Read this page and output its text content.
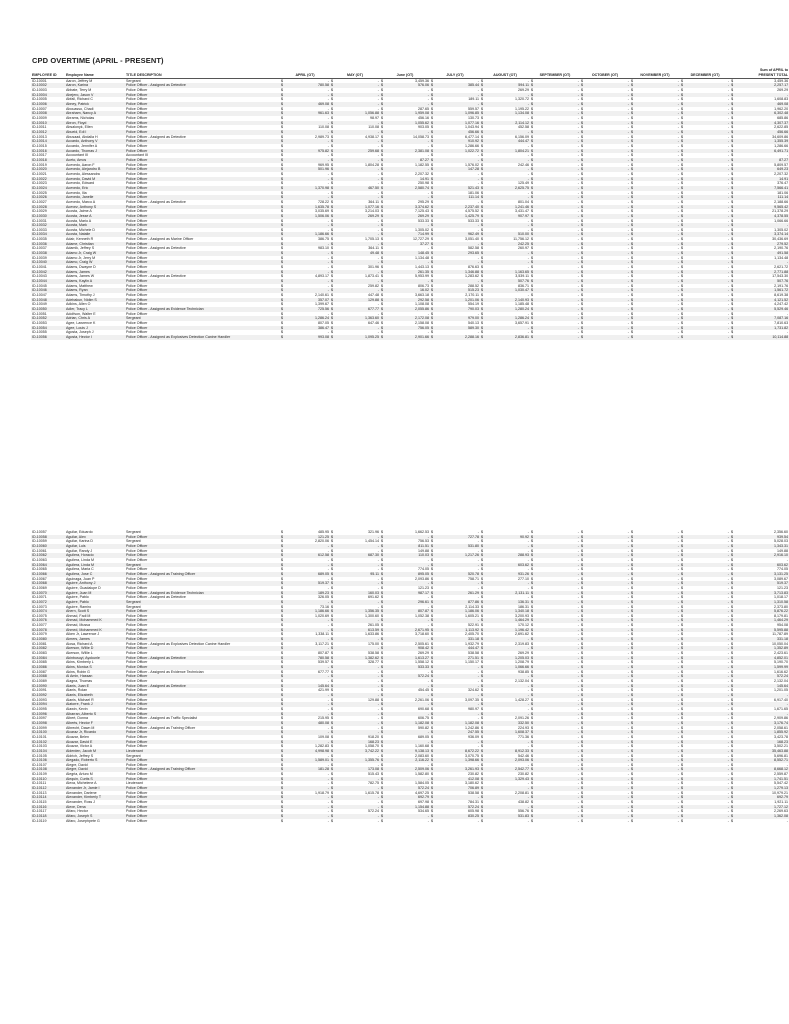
CPD OVERTIME (APRIL - PRESENT)
												Sum of APRIL to
EMPLOYEE ID	Employee Name	TITLE DESCRIPTION	APRIL (OT)	MAY (OT)	June (OT)	JULY (OT)	AUGUST (OT)	SEPTEMBER (OT)	OCTOBER (OT)	NOVEMBER (OT)	DECEMBER (OT)	PRESENT TOTAL
ID-10001	Aaron, Jeffrey M	Sergeant	$ -	$ -	$ 3,459.36	$ -	$ -	$ -	$ -	$ -	$ -	$ 3,459.36
ID-10002	Aaron, Karina	Police Officer - Assigned as Detective	$ 780.58	$ -	$ 576.06	$ 385.44	$ 594.11	$ -	$ -	$ -	$ -	$ 2,257.17
ID-10003	Abbate, Terry M	Police Officer	$ -	$ -	$ -	$ -	$ 269.29	$ -	$ -	$ -	$ -	$ 269.29
ID-10004	Abejero, Jason V	Police Officer	$ -	$ -	$ -	$ -	$ -	$ -	$ -	$ -	$ -	$ -
ID-10005	Abfall, Richard C	Police Officer	$ -	$ -	$ -	$ 189.11	$ 1,320.72	$ -	$ -	$ -	$ -	$ 1,608.83
ID-10006	Abney, Patrick	Police Officer	$ 469.08	$ -	$ -	$ -	$ -	$ -	$ -	$ -	$ -	$ 469.08
ID-10007	Abouasso, Chadi	Police Officer	$ -	$ -	$ 287.65	$ 559.57	$ 1,195.22	$ -	$ -	$ -	$ -	$ 1,962.20
ID-10008	Abraham, Nancy A	Police Officer	$ 961.63	$ 1,056.88	$ 1,959.08	$ 1,096.85	$ 1,134.08	$ -	$ -	$ -	$ -	$ 6,302.48
ID-10009	Abrams, Nicholas	Police Officer	$ -	$ 98.97	$ 456.16	$ 130.73	$ -	$ -	$ -	$ -	$ -	$ 685.86
ID-10010	Abron, Floyd	Police Officer	$ -	$ -	$ 1,055.62	$ 1,077.16	$ 2,114.12	$ -	$ -	$ -	$ -	$ 4,307.37
ID-10011	Absalonyk, Ellen	Police Officer	$ 110.08	$ 110.08	$ 903.05	$ 1,043.94	$ 452.58	$ -	$ -	$ -	$ -	$ 2,622.85
ID-10012	Abueid, Edi I	Police Officer	$ -	$ -	$ -	$ 456.66	$ -	$ -	$ -	$ -	$ -	$ 456.66
ID-10013	Abusaad, Abdalla H	Police Officer - Assigned as Detective	$ 2,989.73	$ 4,938.17	$ 14,058.73	$ 6,477.14	$ 6,156.09	$ -	$ -	$ -	$ -	$ 34,609.86
ID-10014	Accardo, Anthony V	Police Officer	$ -	$ -	$ -	$ 910.92	$ 444.47	$ -	$ -	$ -	$ -	$ 1,355.39
ID-10015	Accardo, Jennifer A	Police Officer	$ -	$ -	$ -	$ 1,286.66	$ -	$ -	$ -	$ -	$ -	$ 1,286.66
ID-10016	Accardo, Thomas J	Police Officer	$ 975.82	$ 259.68	$ 2,381.08	$ 1,022.72	$ 1,804.21	$ -	$ -	$ -	$ -	$ 6,491.71
ID-10017	Accountant III	Accountant III	$ -	$ -	$ -	$ -	$ -	$ -	$ -	$ -	$ -	$ -
ID-10018	Aceto, Amos	Police Officer	$ -	$ -	$ 87.27	$ -	$ -	$ -	$ -	$ -	$ -	$ 87.27
ID-10019	Acevedo, Aaron F	Police Officer	$ 969.95	$ 1,804.28	$ 1,182.55	$ 1,576.02	$ 242.46	$ -	$ -	$ -	$ -	$ 5,809.57
ID-10020	Acevedo, Alejandro B	Police Officer	$ 501.96	$ -	$ -	$ 147.28	$ -	$ -	$ -	$ -	$ -	$ 649.23
ID-10021	Acevedo, Alessandra	Police Officer	$ -	$ -	$ 2,207.32	$ -	$ -	$ -	$ -	$ -	$ -	$ 2,207.32
ID-10022	Acevedo, David M	Police Officer	$ -	$ -	$ 14.91	$ -	$ -	$ -	$ -	$ -	$ -	$ 14.91
ID-10023	Acevedo, Edward	Police Officer	$ -	$ -	$ 250.98	$ -	$ 125.49	$ -	$ -	$ -	$ -	$ 376.47
ID-10024	Acevedo, Eric	Police Officer	$ 1,370.98	$ 467.50	$ 2,580.74	$ 521.43	$ 2,625.75	$ -	$ -	$ -	$ -	$ 7,566.41
ID-10025	Acevedo, Ilia	Police Officer	$ -	$ -	$ -	$ 181.06	$ -	$ -	$ -	$ -	$ -	$ 181.06
ID-10026	Acevedo, Janelle	Police Officer	$ -	$ -	$ -	$ 111.14	$ -	$ -	$ -	$ -	$ -	$ 111.14
ID-10027	Acevedo, Marco A	Police Officer - Assigned as Detective	$ 728.22	$ 364.11	$ 295.29	$ -	$ 801.04	$ -	$ -	$ -	$ -	$ 2,188.66
ID-10028	Acevez, Anthony S	Police Officer	$ 1,635.78	$ 1,077.16	$ 3,374.62	$ 2,237.40	$ 1,241.46	$ -	$ -	$ -	$ -	$ 9,565.42
ID-10029	Acosta, Jaime A	Police Officer	$ 3,035.69	$ 3,214.03	$ 7,125.43	$ 4,575.52	$ 3,431.47	$ -	$ -	$ -	$ -	$ 21,378.29
ID-10030	Acosta, Jesse A	Police Officer	$ 1,506.06	$ 269.29	$ 269.29	$ 1,425.79	$ 907.97	$ -	$ -	$ -	$ -	$ 4,378.55
ID-10031	Acosta, Mario A	Police Officer	$ -	$ -	$ 533.33	$ 533.33	$ -	$ -	$ -	$ -	$ -	$ 1,066.66
ID-10032	Acosta, Mark	Police Officer	$ -	$ -	$ -	$ -	$ -	$ -	$ -	$ -	$ -	$ -
ID-10033	Acosta, Michele D	Police Officer	$ -	$ -	$ 1,305.02	$ -	$ -	$ -	$ -	$ -	$ -	$ 1,305.02
ID-10034	Acosta, Natalie	Police Officer	$ 1,186.66	$ -	$ 714.99	$ 962.49	$ 510.00	$ -	$ -	$ -	$ -	$ 3,374.14
ID-10035	Adair, Kenneth R	Police Officer - Assigned as Marine Officer	$ 386.75	$ 1,705.13	$ 12,727.29	$ 3,051.40	$ 11,756.12	$ -	$ -	$ -	$ -	$ 30,436.69
ID-10036	Adame, Christian	Police Officer	$ -	$ -	$ 37.27	$ -	$ 242.25	$ -	$ -	$ -	$ -	$ 279.52
ID-10037	Adamik, Jeffrey S	Police Officer - Assigned as Detective	$ 983.10	$ 364.11	$ -	$ 582.58	$ 260.97	$ -	$ -	$ -	$ -	$ 2,190.76
ID-10038	Adamo Jr, Craig W	Police Officer	$ -	$ 49.48	$ 148.45	$ 293.65	$ -	$ -	$ -	$ -	$ -	$ 491.58
ID-10039	Adamo Jr, Jerry M	Police Officer	$ -	$ -	$ 1,134.48	$ -	$ -	$ -	$ -	$ -	$ -	$ 1,134.48
ID-10040	Adamo, Craig W	Police Officer	$ -	$ -	$ -	$ -	$ -	$ -	$ -	$ -	$ -	$ -
ID-10041	Adams, Dwayne D	Police Officer	$ -	$ 301.96	$ 1,443.13	$ 876.63	$ -	$ -	$ -	$ -	$ -	$ 2,621.72
ID-10042	Adams, James	Police Officer	$ -	$ -	$ 261.35	$ 1,346.88	$ 1,163.65	$ -	$ -	$ -	$ -	$ 2,771.88
ID-10043	Adams, James W	Police Officer - Assigned as Detective	$ 4,893.17	$ 1,873.41	$ 5,953.99	$ 1,283.62	$ 3,539.11	$ -	$ -	$ -	$ -	$ 17,543.30
ID-10044	Adams, Kaylin A	Police Officer	$ -	$ -	$ -	$ -	$ 507.76	$ -	$ -	$ -	$ -	$ 507.76
ID-10045	Adams, Matthew	Police Officer	$ -	$ 259.82	$ 806.73	$ 288.52	$ 836.71	$ -	$ -	$ -	$ -	$ 2,191.76
ID-10046	Adams, Ryan	Police Officer	$ -	$ -	$ 16.02	$ 515.23	$ 1,030.47	$ -	$ -	$ -	$ -	$ 1,561.72
ID-10047	Adams, Timothy J	Police Officer	$ 2,140.61	$ 447.48	$ 3,663.18	$ 2,170.11	$ -	$ -	$ -	$ -	$ -	$ 8,619.38
ID-10048	Adebakun, Nidim S	Police Officer	$ 357.07	$ 129.88	$ 292.58	$ 1,201.06	$ 2,140.93	$ -	$ -	$ -	$ -	$ 4,121.52
ID-10049	Adkins, Allen O	Police Officer	$ 1,399.67	$ -	$ 1,108.08	$ 554.19	$ 1,185.48	$ -	$ -	$ -	$ -	$ 4,247.42
ID-10050	Adler, Tracy L	Police Officer - Assigned as Evidence Technician	$ 725.56	$ 677.77	$ 2,055.86	$ 790.03	$ 1,280.24	$ -	$ -	$ -	$ -	$ 5,529.46
ID-10051	Adolfson, Walter E	Police Officer	$ -	$ -	$ -	$ -	$ -	$ -	$ -	$ -	$ -	$ -
ID-10052	Adrian, Chris A	Sergeant	$ 1,286.24	$ 1,363.60	$ 2,172.08	$ 979.00	$ 1,286.24	$ -	$ -	$ -	$ -	$ 7,087.16
ID-10053	Agee, Lawrence K	Police Officer	$ 807.05	$ 647.46	$ 2,158.08	$ 540.13	$ 3,657.91	$ -	$ -	$ -	$ -	$ 7,810.63
ID-10054	Agee, Louis J	Police Officer	$ 386.47	$ -	$ 756.05	$ 589.30	$ -	$ -	$ -	$ -	$ -	$ 1,731.82
ID-10055	Agosta, Joseph J	Police Officer	$ -	$ -	$ -	$ -	$ -	$ -	$ -	$ -	$ -	$ -
ID-10056	Agosta, Hector I	Police Officer - Assigned as Explosives Detection Canine Handler	$ 993.08	$ 1,095.25	$ 2,901.66	$ 2,288.16	$ 2,836.81	$ -	$ -	$ -	$ -	$ 10,114.88
ID-10057	Aguilar, Eduardo	Sergeant	$ 485.95	$ 321.96	$ 1,662.53	$ -	$ -	$ -	$ -	$ -	$ -	$ 2,356.60
ID-10058	Aguilar, Alex	Police Officer	$ 121.25	$ -	$ -	$ 727.78	$ 90.92	$ -	$ -	$ -	$ -	$ 939.54
ID-10059	Aguilar, Karina D	Sergeant	$ 2,820.06	$ 1,454.14	$ 756.53	$ -	$ -	$ -	$ -	$ -	$ -	$ 5,028.03
ID-10060	Aguilar, Luis	Police Officer	$ -	$ -	$ 811.51	$ 531.80	$ -	$ -	$ -	$ -	$ -	$ 1,343.31
ID-10061	Aguilar, Randy J	Police Officer	$ -	$ -	$ 149.88	$ -	$ -	$ -	$ -	$ -	$ -	$ 149.88
ID-10062	Aguilera, Horacio	Police Officer	$ 612.58	$ 687.30	$ 110.03	$ 1,217.26	$ 288.93	$ -	$ -	$ -	$ -	$ 2,916.10
ID-10063	Aguilera, Linda M	Police Officer	$ -	$ -	$ -	$ -	$ -	$ -	$ -	$ -	$ -	$ -
ID-10064	Aguilera, Linda M	Sergeant	$ -	$ -	$ -	$ -	$ 603.62	$ -	$ -	$ -	$ -	$ 603.62
ID-10065	Aguilera, Maria C	Police Officer	$ -	$ -	$ 774.05	$ -	$ -	$ -	$ -	$ -	$ -	$ 774.05
ID-10066	Aguilera, Jose C	Police Officer - Assigned as Training Officer	$ 689.05	$ 95.11	$ 895.05	$ 520.78	$ 931.26	$ -	$ -	$ -	$ -	$ 3,131.25
ID-10067	Aguinaga, Juan P	Police Officer	$ -	$ -	$ 2,093.86	$ 758.71	$ 277.10	$ -	$ -	$ -	$ -	$ 3,089.67
ID-10068	Aguirre, Anthony J	Police Officer	$ 519.37	$ -	$ -	$ -	$ -	$ -	$ -	$ -	$ -	$ 519.37
ID-10069	Aguirre, Guadalupe D	Police Officer	$ -	$ -	$ 121.23	$ -	$ -	$ -	$ -	$ -	$ -	$ 121.23
ID-10070	Aguirre, Juan M	Police Officer - Assigned as Evidence Technician	$ 189.23	$ 160.03	$ 987.17	$ 261.29	$ 2,131.11	$ -	$ -	$ -	$ -	$ 3,713.83
ID-10071	Aguirre, Pablo	Police Officer - Assigned as Detective	$ 326.05	$ 691.62	$ -	$ -	$ -	$ -	$ -	$ -	$ -	$ 1,018.17
ID-10072	Aguirre, Pablo	Sergeant	$ -	$ -	$ 296.61	$ 877.86	$ 136.31	$ -	$ -	$ -	$ -	$ 1,310.58
ID-10073	Aguirre, Ramiro	Sergeant	$ 73.16	$ -	$ -	$ 2,114.33	$ 186.31	$ -	$ -	$ -	$ -	$ 2,373.80
ID-10074	Ahern, Scott S	Police Officer	$ 1,186.66	$ 1,356.35	$ 807.87	$ 1,186.06	$ 1,340.18	$ -	$ -	$ -	$ -	$ 5,876.22
ID-10075	Ahmad, Fadi M	Police Officer	$ 1,020.69	$ 1,300.60	$ 1,052.38	$ 1,605.21	$ 3,200.93	$ -	$ -	$ -	$ -	$ 8,179.81
ID-10076	Ahmad, Mohammed K	Police Officer	$ -	$ -	$ -	$ -	$ 1,464.29	$ -	$ -	$ -	$ -	$ 1,464.29
ID-10077	Ahmad, Mussa	Police Officer	$ -	$ 261.05	$ -	$ 522.91	$ 170.12	$ -	$ -	$ -	$ -	$ 954.08
ID-10078	Ahmed, Mohammed K	Police Officer	$ -	$ 613.59	$ 2,671.95	$ 1,113.92	$ 1,196.42	$ -	$ -	$ -	$ -	$ 5,595.88
ID-10079	Aiken Jr, Lawrence J	Police Officer	$ 1,338.11	$ 1,633.86	$ 3,718.60	$ 2,405.70	$ 2,691.62	$ -	$ -	$ -	$ -	$ 11,787.89
ID-10080	Aimers, James	Police Officer	$ -	$ -	$ -	$ 331.18	$ -	$ -	$ -	$ -	$ -	$ 331.18
ID-10081	Aiosa, Richard A	Police Officer - Assigned as Explosives Detection Canine Handler	$ 3,117.21	$ 175.00	$ 2,505.61	$ 1,932.79	$ 2,319.83	$ -	$ -	$ -	$ -	$ 10,050.04
ID-10082	Akerson, Willie D	Police Officer	$ -	$ -	$ 908.42	$ 444.47	$ -	$ -	$ -	$ -	$ -	$ 1,352.89
ID-10083	Akerson, Willie L	Police Officer	$ 807.87	$ 538.58	$ 269.29	$ 538.58	$ 269.29	$ -	$ -	$ -	$ -	$ 2,423.61
ID-10084	Akinbusuyi, Ayokunle	Police Officer - Assigned as Detective	$ 780.58	$ 1,382.62	$ 1,613.27	$ 271.51	$ 1,205.03	$ -	$ -	$ -	$ -	$ 4,852.01
ID-10085	Akins, Kimberly L	Police Officer	$ 539.57	$ 328.77	$ 1,558.12	$ 1,150.17	$ 1,208.79	$ -	$ -	$ -	$ -	$ 5,190.70
ID-10086	Akins, Monica S	Police Officer	$ -	$ -	$ 533.33	$ -	$ 1,066.66	$ -	$ -	$ -	$ -	$ 1,599.99
ID-10087	Akins, Robin G	Police Officer - Assigned as Evidence Technician	$ 677.77	$ -	$ -	$ -	$ 938.85	$ -	$ -	$ -	$ -	$ 1,616.62
ID-10088	Al Amin, Hassan	Police Officer	$ -	$ -	$ 572.24	$ -	$ -	$ -	$ -	$ -	$ -	$ 572.24
ID-10089	Alagna, Thomas	Police Officer	$ -	$ -	$ -	$ -	$ 2,132.04	$ -	$ -	$ -	$ -	$ 2,132.04
ID-10090	Alanis, Juan E	Police Officer - Assigned as Detective	$ 145.64	$ -	$ -	$ -	$ -	$ -	$ -	$ -	$ -	$ 145.64
ID-10091	Alanis, Rolan	Police Officer	$ 421.99	$ -	$ 454.45	$ 324.62	$ -	$ -	$ -	$ -	$ -	$ 1,201.05
ID-10092	Alanis, Elizabeth	Police Officer	$ -	$ -	$ -	$ -	$ -	$ -	$ -	$ -	$ -	$ -
ID-10093	Alanis, Michael R	Police Officer	$ -	$ 129.88	$ 2,261.06	$ 3,097.35	$ 1,428.27	$ -	$ -	$ -	$ -	$ 6,917.40
ID-10094	Alatorre, Frank J	Police Officer	$ -	$ -	$ -	$ -	$ -	$ -	$ -	$ -	$ -	$ -
ID-10095	Alawin, Kevin	Police Officer	$ -	$ -	$ 690.68	$ 980.97	$ -	$ -	$ -	$ -	$ -	$ 1,671.65
ID-10096	Albarran, Alberto S	Police Officer	$ -	$ -	$ -	$ -	$ -	$ -	$ -	$ -	$ -	$ -
ID-10097	Albert, Donna	Police Officer - Assigned as Traffic Specialist	$ 215.95	$ -	$ 606.75	$ -	$ 2,091.26	$ -	$ -	$ -	$ -	$ 2,909.86
ID-10098	Alberts, Hector F	Police Officer	$ 480.08	$ -	$ 1,182.08	$ 1,182.08	$ 332.50	$ -	$ -	$ -	$ -	$ 3,176.74
ID-10099	Albrecht, Dawn M	Police Officer - Assigned as Training Officer	$ -	$ -	$ 590.82	$ 1,242.86	$ 224.93	$ -	$ -	$ -	$ -	$ 2,058.61
ID-10100	Alcaraz Jr, Ricardo	Police Officer	$ -	$ -	$ -	$ 247.55	$ 1,608.37	$ -	$ -	$ -	$ -	$ 1,855.92
ID-10101	Alcazar, Belen	Police Officer	$ 109.08	$ 918.20	$ 689.05	$ 936.09	$ 771.36	$ -	$ -	$ -	$ -	$ 3,423.78
ID-10102	Alcazar, David E	Police Officer	$ -	$ 168.23	$ -	$ -	$ -	$ -	$ -	$ -	$ -	$ 168.23
ID-10103	Alcazar, Victor A	Police Officer	$ 1,282.83	$ 1,058.70	$ 1,160.68	$ -	$ -	$ -	$ -	$ -	$ -	$ 3,502.21
ID-10104	Alderden, Jacob M	Lieutenant	$ 4,998.98	$ 3,742.22	$ 9,138.13	$ 8,672.22	$ 8,912.33	$ -	$ -	$ -	$ -	$ 35,463.88
ID-10105	Aldrich, Jeffrey S	Sergeant	$ -	$ -	$ 2,083.60	$ 3,070.75	$ 542.46	$ -	$ -	$ -	$ -	$ 5,696.81
ID-10106	Alegado, Roberto S	Police Officer	$ 1,589.01	$ 1,355.76	$ 2,116.22	$ 1,398.66	$ 2,093.06	$ -	$ -	$ -	$ -	$ 8,552.71
ID-10107	Alegre, David	Police Officer	$ -	$ -	$ -	$ -	$ -	$ -	$ -	$ -	$ -	$ -
ID-10108	Alegre, David	Police Officer - Assigned as Training Officer	$ 181.28	$ 173.08	$ 2,509.06	$ 3,261.93	$ 2,542.77	$ -	$ -	$ -	$ -	$ 8,668.12
ID-10109	Alegria, Arturo M	Police Officer	$ -	$ 515.43	$ 1,582.80	$ 230.82	$ 230.82	$ -	$ -	$ -	$ -	$ 2,559.87
ID-10110	Alequin, Curtis S	Police Officer	$ -	$ -	$ -	$ 412.08	$ 1,329.43	$ -	$ -	$ -	$ -	$ 1,741.51
ID-10111	Alexa, Michelene A	Lieutenant	$ -	$ 782.75	$ 1,584.05	$ 3,180.62	$ -	$ -	$ -	$ -	$ -	$ 5,547.42
ID-10112	Alexander Jr, Jamie I	Police Officer	$ -	$ -	$ 572.24	$ 706.89	$ -	$ -	$ -	$ -	$ -	$ 1,279.13
ID-10113	Alexander, Darlene	Police Officer	$ 1,918.79	$ 1,615.78	$ 4,697.25	$ 538.58	$ 2,208.81	$ -	$ -	$ -	$ -	$ 10,979.21
ID-10114	Alexander, Kimberly T	Police Officer	$ -	$ -	$ 692.79	$ -	$ -	$ -	$ -	$ -	$ -	$ 692.79
ID-10115	Alexander, Ross J	Police Officer	$ -	$ -	$ 697.98	$ 784.31	$ 438.82	$ -	$ -	$ -	$ -	$ 1,921.11
ID-10116	Alexe, Dena	Police Officer	$ -	$ -	$ 1,154.88	$ 572.24	$ -	$ -	$ -	$ -	$ -	$ 1,727.12
ID-10117	Alfaro, Hector	Police Officer	$ -	$ 572.24	$ 534.65	$ 605.98	$ 556.76	$ -	$ -	$ -	$ -	$ 2,269.63
ID-10118	Alfaro, Joseph S	Police Officer	$ -	$ -	$ -	$ 830.25	$ 531.83	$ -	$ -	$ -	$ -	$ 1,362.08
ID-10119	Alfaro, Josephpete G	Police Officer	$ -	$ -	$ -	$ -	$ -	$ -	$ -	$ -	$ -	$ -
